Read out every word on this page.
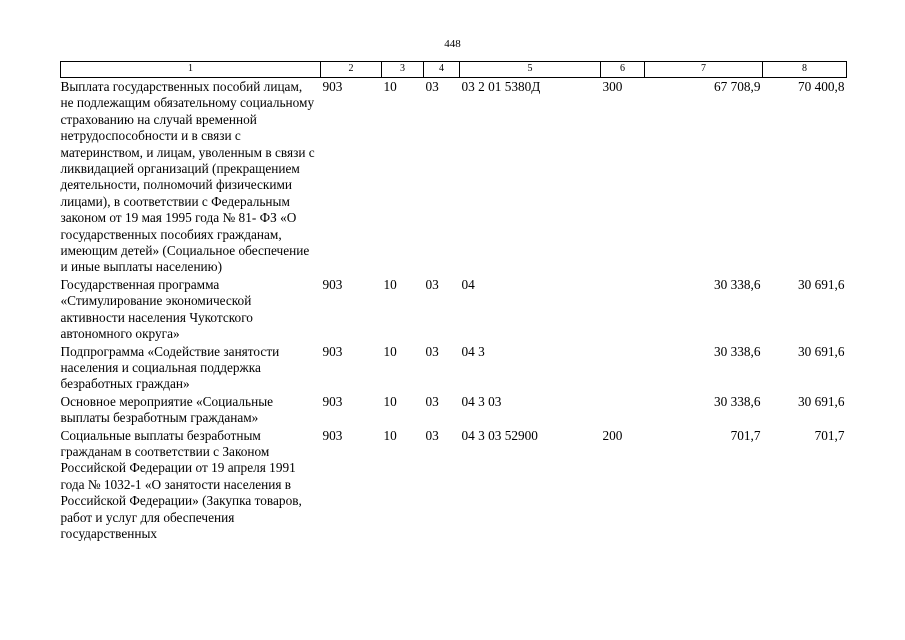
448
1	2	3	4	5	6	7	8
Выплата государственных пособий лицам, не подлежащим обязательному социальному страхованию на случай временной нетрудоспособности и в связи с материнством, и лицам, уволенным в связи с ликвидацией организаций (прекращением деятельности, полномочий физическими лицами), в соответствии с Федеральным законом от 19 мая 1995 года № 81- ФЗ «О государственных пособиях гражданам, имеющим детей» (Социальное обеспечение и иные выплаты населению)	903	10	03	03 2 01 5380Д	300	67 708,9	70 400,8
Государственная программа «Стимулирование экономической активности населения Чукотского автономного округа»	903	10	03	04		30 338,6	30 691,6
Подпрограмма «Содействие занятости населения и социальная поддержка безработных граждан»	903	10	03	04 3		30 338,6	30 691,6
Основное мероприятие «Социальные выплаты безработным гражданам»	903	10	03	04 3 03		30 338,6	30 691,6
Социальные выплаты безработным гражданам в соответствии с Законом Российской Федерации от 19 апреля 1991 года № 1032-1 «О занятости населения в Российской Федерации» (Закупка товаров, работ и услуг для обеспечения государственных	903	10	03	04 3 03 52900	200	701,7	701,7
